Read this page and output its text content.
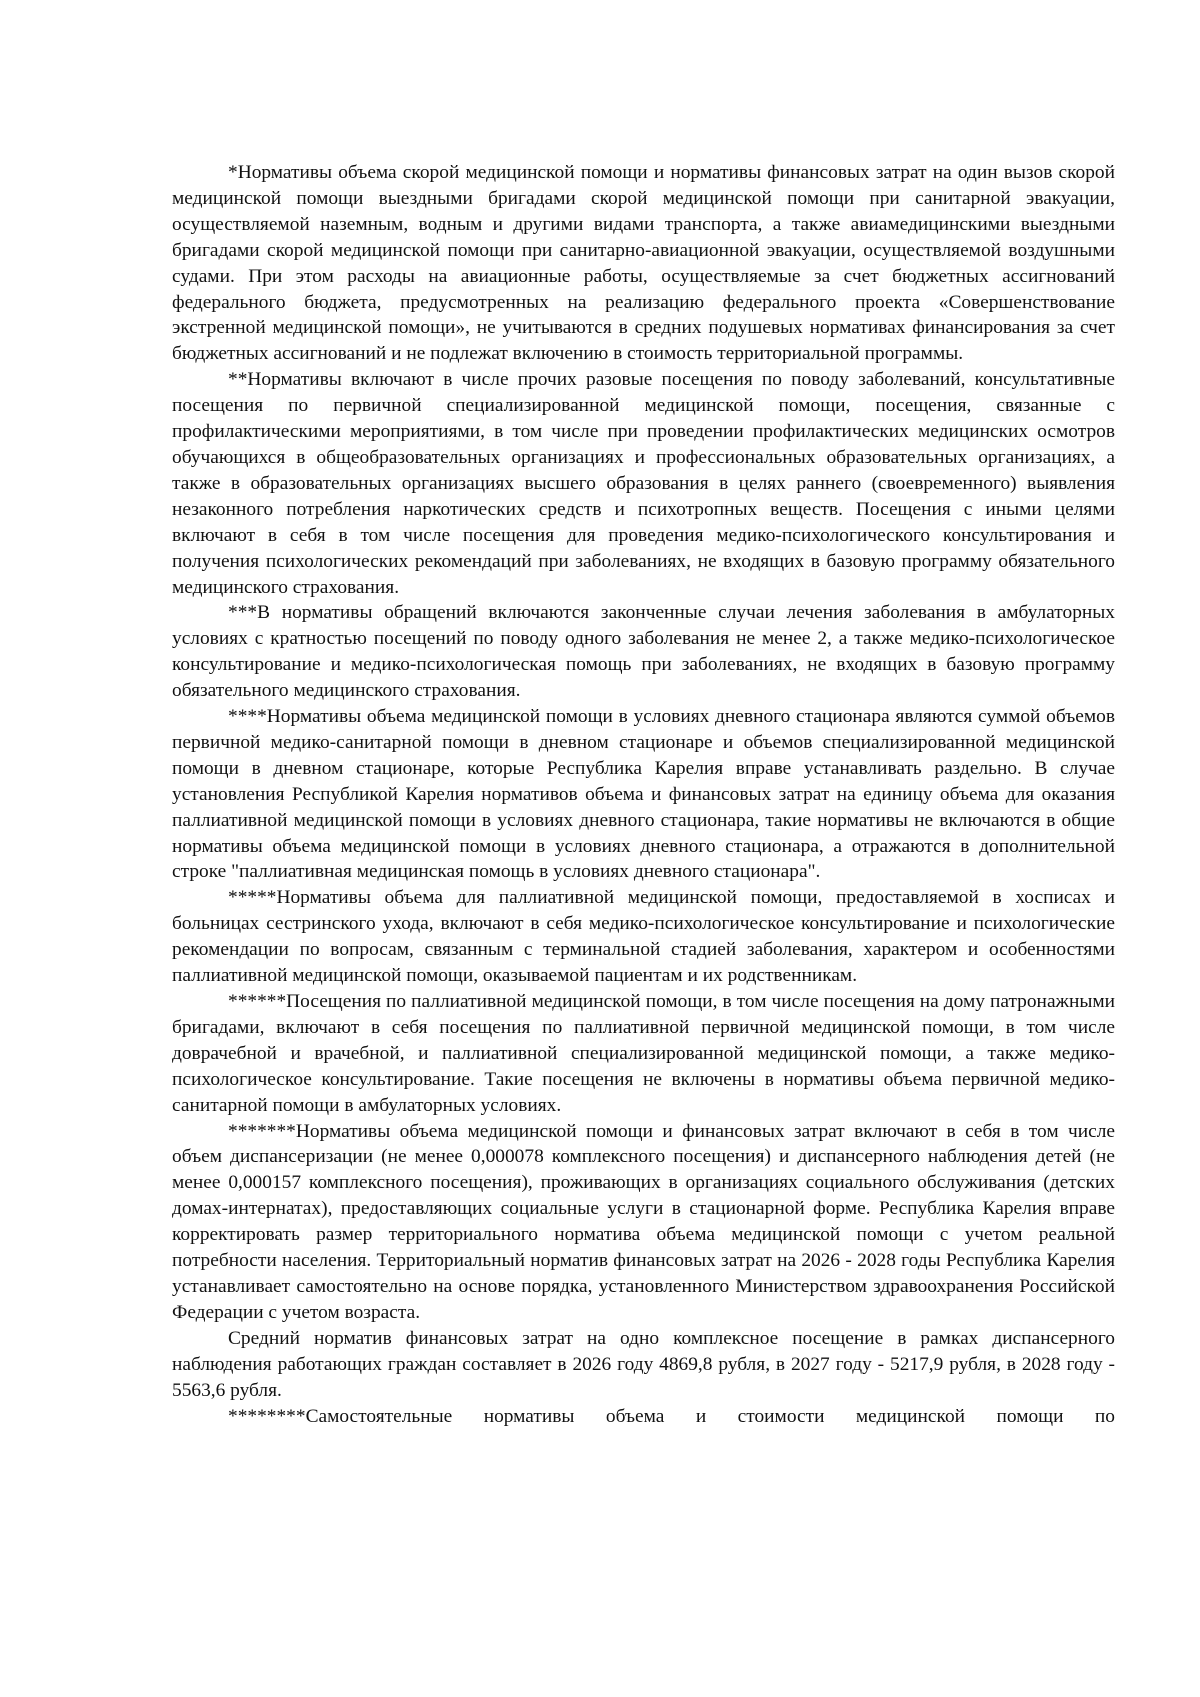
*Нормативы объема скорой медицинской помощи и нормативы финансовых затрат на один вызов скорой медицинской помощи выездными бригадами скорой медицинской помощи при санитарной эвакуации, осуществляемой наземным, водным и другими видами транспорта, а также авиамедицинскими выездными бригадами скорой медицинской помощи при санитарно-авиационной эвакуации, осуществляемой воздушными судами. При этом расходы на авиационные работы, осуществляемые за счет бюджетных ассигнований федерального бюджета, предусмотренных на реализацию федерального проекта «Совершенствование экстренной медицинской помощи», не учитываются в средних подушевых нормативах финансирования за счет бюджетных ассигнований и не подлежат включению в стоимость территориальной программы.

**Нормативы включают в числе прочих разовые посещения по поводу заболеваний, консультативные посещения по первичной специализированной медицинской помощи, посещения, связанные с профилактическими мероприятиями, в том числе при проведении профилактических медицинских осмотров обучающихся в общеобразовательных организациях и профессиональных образовательных организациях, а также в образовательных организациях высшего образования в целях раннего (своевременного) выявления незаконного потребления наркотических средств и психотропных веществ. Посещения с иными целями включают в себя в том числе посещения для проведения медико-психологического консультирования и получения психологических рекомендаций при заболеваниях, не входящих в базовую программу обязательного медицинского страхования.

***В нормативы обращений включаются законченные случаи лечения заболевания в амбулаторных условиях с кратностью посещений по поводу одного заболевания не менее 2, а также медико-психологическое консультирование и медико-психологическая помощь при заболеваниях, не входящих в базовую программу обязательного медицинского страхования.

****Нормативы объема медицинской помощи в условиях дневного стационара являются суммой объемов первичной медико-санитарной помощи в дневном стационаре и объемов специализированной медицинской помощи в дневном стационаре, которые Республика Карелия вправе устанавливать раздельно. В случае установления Республикой Карелия нормативов объема и финансовых затрат на единицу объема для оказания паллиативной медицинской помощи в условиях дневного стационара, такие нормативы не включаются в общие нормативы объема медицинской помощи в условиях дневного стационара, а отражаются в дополнительной строке "паллиативная медицинская помощь в условиях дневного стационара".

*****Нормативы объема для паллиативной медицинской помощи, предоставляемой в хосписах и больницах сестринского ухода, включают в себя медико-психологическое консультирование и психологические рекомендации по вопросам, связанным с терминальной стадией заболевания, характером и особенностями паллиативной медицинской помощи, оказываемой пациентам и их родственникам.

******Посещения по паллиативной медицинской помощи, в том числе посещения на дому патронажными бригадами, включают в себя посещения по паллиативной первичной медицинской помощи, в том числе доврачебной и врачебной, и паллиативной специализированной медицинской помощи, а также медико-психологическое консультирование. Такие посещения не включены в нормативы объема первичной медико-санитарной помощи в амбулаторных условиях.

*******Нормативы объема медицинской помощи и финансовых затрат включают в себя в том числе объем диспансеризации (не менее 0,000078 комплексного посещения) и диспансерного наблюдения детей (не менее 0,000157 комплексного посещения), проживающих в организациях социального обслуживания (детских домах-интернатах), предоставляющих социальные услуги в стационарной форме. Республика Карелия вправе корректировать размер территориального норматива объема медицинской помощи с учетом реальной потребности населения. Территориальный норматив финансовых затрат на 2026 - 2028 годы Республика Карелия устанавливает самостоятельно на основе порядка, установленного Министерством здравоохранения Российской Федерации с учетом возраста.

Средний норматив финансовых затрат на одно комплексное посещение в рамках диспансерного наблюдения работающих граждан составляет в 2026 году 4869,8 рубля, в 2027 году - 5217,9 рубля, в 2028 году - 5563,6 рубля.

********Самостоятельные нормативы объема и стоимости медицинской помощи по
